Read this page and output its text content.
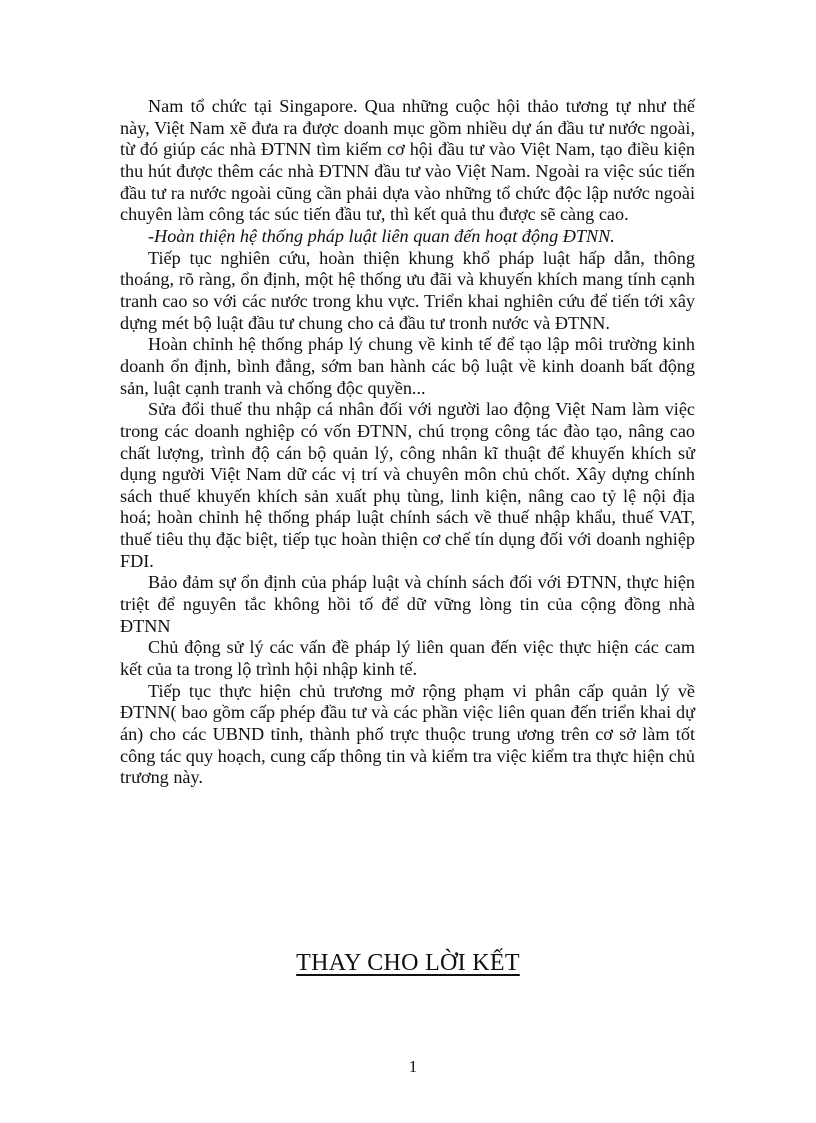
Nam tổ chức tại Singapore. Qua những cuộc hội thảo tương tự như thế này, Việt Nam xẽ đưa ra được doanh mục gồm nhiều dự án đầu tư nước ngoài, từ đó giúp các nhà ĐTNN tìm kiếm cơ hội đầu tư vào Việt Nam, tạo điều kiện thu hút được thêm các nhà ĐTNN đầu tư vào Việt Nam. Ngoài ra việc súc tiến đầu tư ra nước ngoài cũng cần phải dựa vào những tổ chức độc lập nước ngoài chuyên làm công tác súc tiến đầu tư, thì kết quả thu được sẽ càng cao.

-Hoàn thiện hệ thống pháp luật liên quan đến hoạt động ĐTNN.

Tiếp tục nghiên cứu, hoàn thiện khung khổ pháp luật hấp dẫn, thông thoáng, rõ ràng, ổn định, một hệ thống ưu đãi và khuyến khích mang tính cạnh tranh cao so với các nước trong khu vực. Triển khai nghiên cứu để tiến tới xây dựng mét bộ luật đầu tư chung cho cả đầu tư tronh nước và ĐTNN.

Hoàn chỉnh hệ thống pháp lý chung về kinh tế để tạo lập môi trường kinh doanh ổn định, bình đẳng, sớm ban hành các bộ luật về kinh doanh bất động sản, luật cạnh tranh và chống độc quyền...

Sửa đổi thuế thu nhập cá nhân đối với người lao động Việt Nam làm việc trong các doanh nghiệp có vốn ĐTNN, chú trọng công tác đào tạo, nâng cao chất lượng, trình độ cán bộ quản lý, công nhân kĩ thuật để khuyến khích sử dụng người Việt Nam dữ các vị trí và chuyên môn chủ chốt. Xây dựng chính sách thuế khuyến khích sản xuất phụ tùng, linh kiện, nâng cao tỷ lệ nội địa hoá; hoàn chỉnh hệ thống pháp luật chính sách về thuế nhập khẩu, thuế VAT, thuế tiêu thụ đặc biệt, tiếp tục hoàn thiện cơ chế tín dụng đối với doanh nghiệp FDI.

Bảo đảm sự ổn định của pháp luật và chính sách đối với ĐTNN, thực hiện triệt để nguyên tắc không hồi tố để dữ vững lòng tin của cộng đồng nhà ĐTNN

Chủ động sử lý các vấn đề pháp lý liên quan đến việc thực hiện các cam kết của ta trong lộ trình hội nhập kinh tế.

Tiếp tục thực hiện chủ trương mở rộng phạm vi phân cấp quản lý về ĐTNN( bao gồm cấp phép đầu tư và các phần việc liên quan đến triển khai dự án) cho các UBND tỉnh, thành phố trực thuộc trung ương trên cơ sở làm tốt công tác quy hoạch, cung cấp thông tin và kiểm tra việc kiểm tra thực hiện chủ trương này.

THAY CHO LỜI KẾT
1
